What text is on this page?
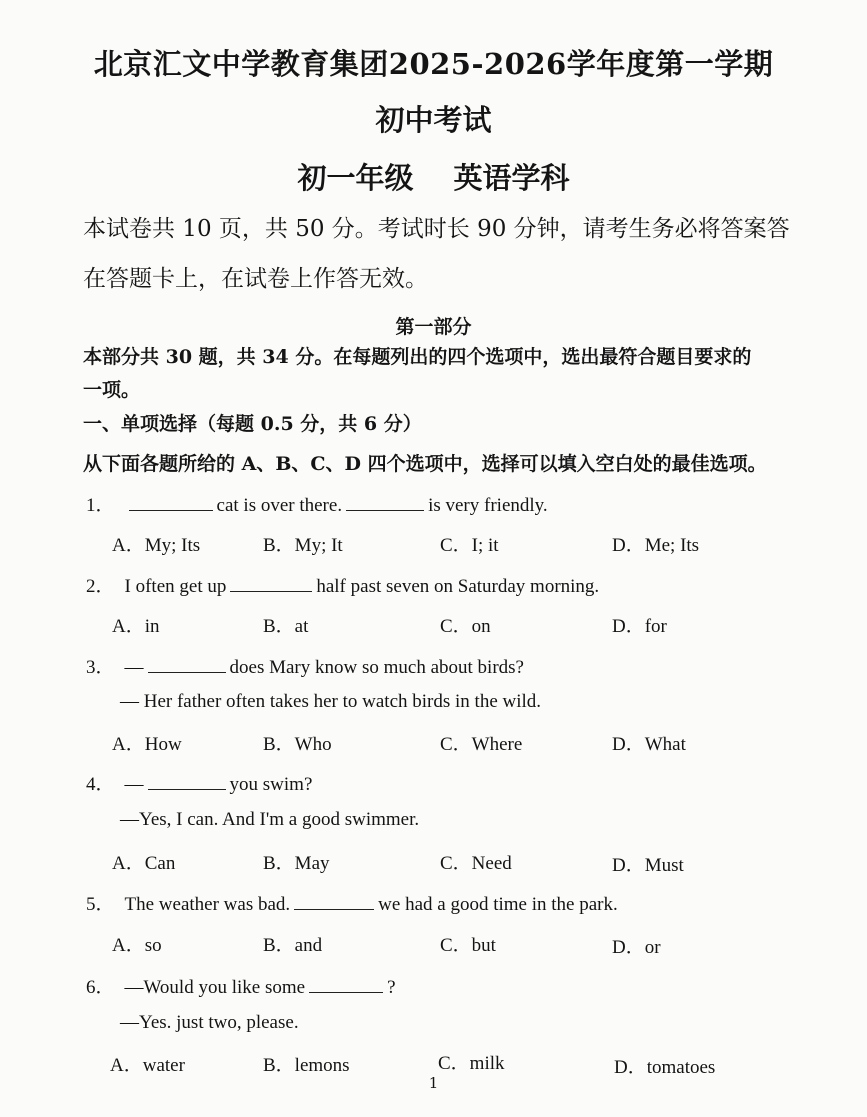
北京汇文中学教育集团2025-2026学年度第一学期
初中考试
初一年级 英语学科
本试卷共 10 页，共 50 分。考试时长 90 分钟，请考生务必将答案答
在答题卡上，在试卷上作答无效。
第一部分
本部分共 30 题，共 34 分。在每题列出的四个选项中，选出最符合题目要求的
一项。
一、单项选择（每题 0.5 分，共 6 分）
从下面各题所给的 A、B、C、D 四个选项中，选择可以填入空白处的最佳选项。
1．	cat is over there.	is very friendly.
A．My; Its	B．My; It	C．I; it	D．Me; Its
2． I often get up	half past seven on Saturday morning.
A．in	B．at	C．on	D．for
3． —	does Mary know so much about birds?
— Her father often takes her to watch birds in the wild.
A．How	B．Who	C．Where	D．What
4． —	you swim?
—Yes, I can. And I'm a good swimmer.
A．Can	B．May	C．Need	D．Must
5． The weather was bad.	we had a good time in the park.
A．so	B．and	C．but	D．or
6． —Would you like some	?
—Yes. just two, please.
A．water	B．lemons	C．milk	D．tomatoes
1
